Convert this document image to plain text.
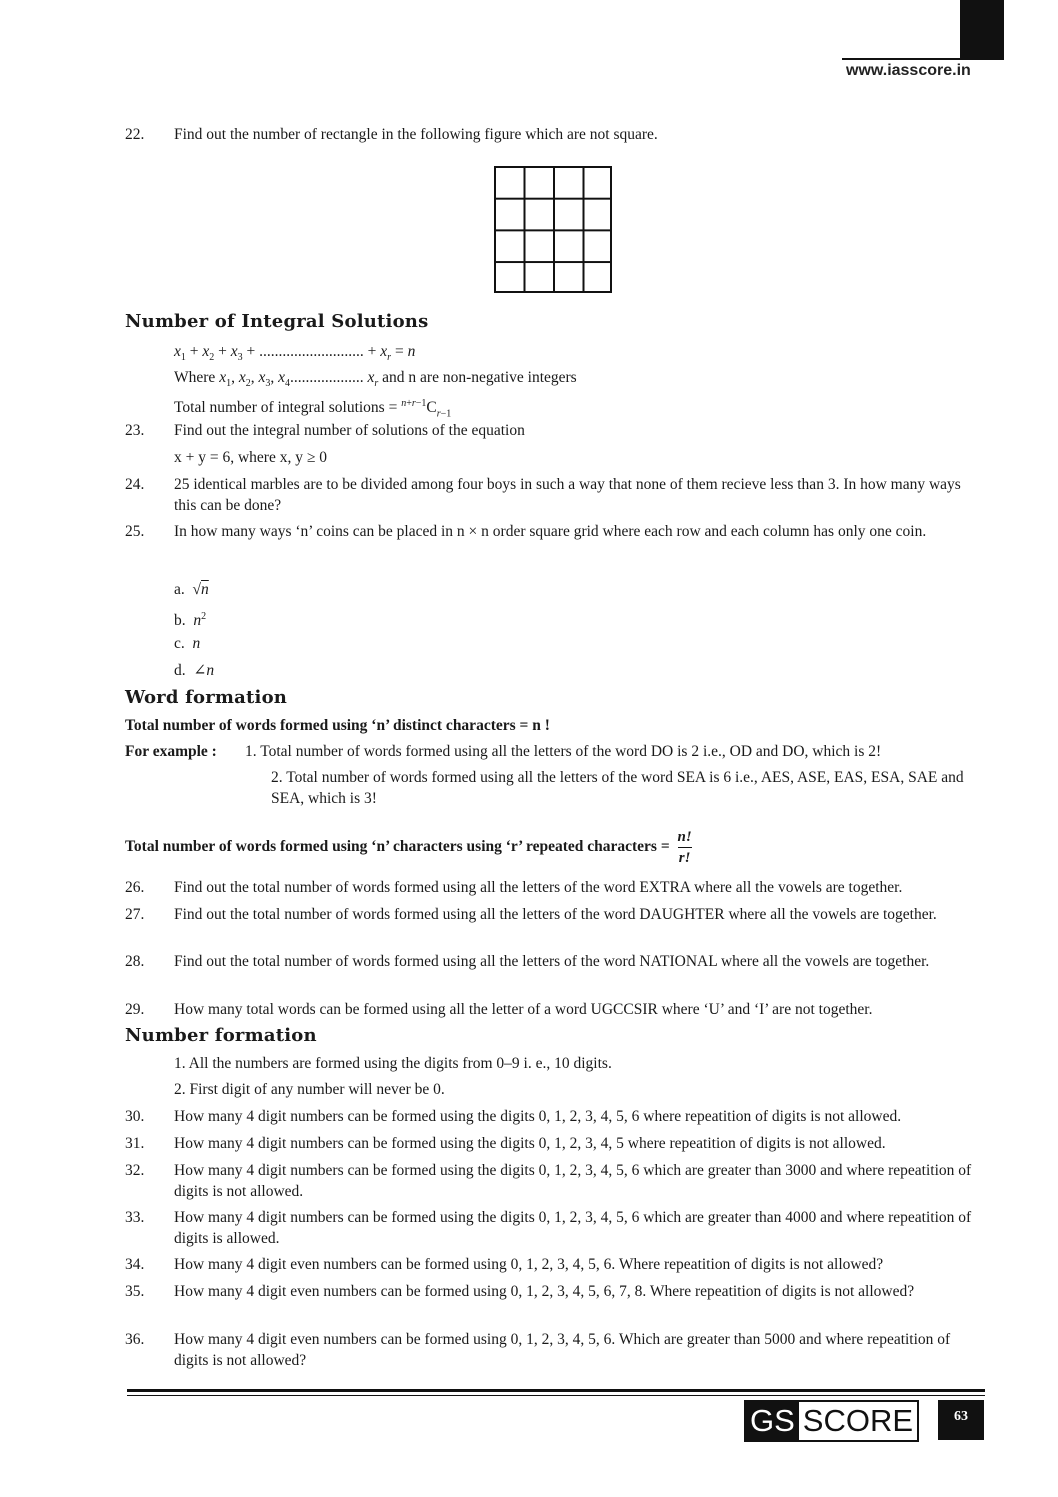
www.iasscore.in
22. Find out the number of rectangle in the following figure which are not square.
Number of Integral Solutions
$x_1 + x_2 + x_3$ + ........................... + $x_r = n$
Where $x_1$, $x_2$, $x_3$, $x_4$................... $x_r$ and n are non-negative integers
Total number of integral solutions = $^{n+r-1}C_{r-1}$
23. Find out the integral number of solutions of the equation
x + y = 6, where x, y ≥ 0
24. 25 identical marbles are to be divided among four boys in such a way that none of them recieve less than 3. In how many ways this can be done?
25. In how many ways ‘n’ coins can be placed in n × n order square grid where each row and each column has only one coin.
a.  √n
b. $n^2$
c. n
d.  ∠n
Word formation
Total number of words formed using ‘n’ distinct characters = n !
For example : 1. Total number of words formed using all the letters of the word DO is 2 i.e., OD and DO, which is 2!
2. Total number of words formed using all the letters of the word SEA is 6 i.e., AES, ASE, EAS, ESA, SAE and SEA, which is 3!
Total number of words formed using ‘n’ characters using ‘r’ repeated characters = $\frac{n!}{r!}$
26. Find out the total number of words formed using all the letters of the word EXTRA where all the vowels are together.
27. Find out the total number of words formed using all the letters of the word DAUGHTER where all the vowels are together.
28. Find out the total number of words formed using all the letters of the word NATIONAL where all the vowels are together.
29. How many total words can be formed using all the letter of a word UGCCSIR where ‘U’ and ‘I’ are not together.
Number formation
1. All the numbers are formed using the digits from 0–9 i. e., 10 digits.
2. First digit of any number will never be 0.
30. How many 4 digit numbers can be formed using the digits 0, 1, 2, 3, 4, 5, 6 where repeatition of digits is not allowed.
31. How many 4 digit numbers can be formed using the digits 0, 1, 2, 3, 4, 5 where repeatition of digits is not allowed.
32. How many 4 digit numbers can be formed using the digits 0, 1, 2, 3, 4, 5, 6 which are greater than 3000 and where repeatition of digits is not allowed.
33. How many 4 digit numbers can be formed using the digits 0, 1, 2, 3, 4, 5, 6 which are greater than 4000 and where repeatition of digits is allowed.
34. How many 4 digit even numbers can be formed using 0, 1, 2, 3, 4, 5, 6. Where repeatition of digits is not allowed?
35. How many 4 digit even numbers can be formed using 0, 1, 2, 3, 4, 5, 6, 7, 8. Where repeatition of digits is not allowed?
36. How many 4 digit even numbers can be formed using 0, 1, 2, 3, 4, 5, 6. Which are greater than 5000 and where repeatition of digits is not allowed?
GS SCORE	63
